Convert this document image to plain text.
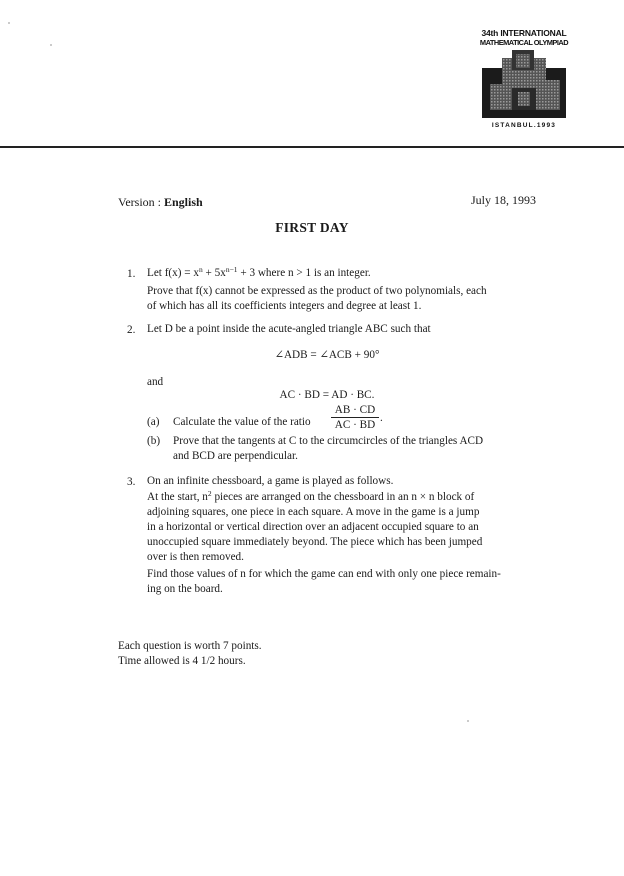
34th INTERNATIONAL
MATHEMATICAL OLYMPIAD
ISTANBUL.1993
Version : English	July 18, 1993
FIRST DAY
1. Let $f(x) = x^n + 5x^{n-1} + 3$ where n > 1 is an integer.
Prove that f(x) cannot be expressed as the product of two polynomials, each
of which has all its coefficients integers and degree at least 1.
2. Let D be a point inside the acute-angled triangle ABC such that
∠ADB = ∠ACB + 90°
and
AC · BD = AD · BC.
(a) Calculate the value of the ratio
AB · CD
AC · BD
.
(b) Prove that the tangents at C to the circumcircles of the triangles ACD
and BCD are perpendicular.
3. On an infinite chessboard, a game is played as follows.
At the start, $n^2$ pieces are arranged on the chessboard in an n × n block of
adjoining squares, one piece in each square. A move in the game is a jump
in a horizontal or vertical direction over an adjacent occupied square to an
unoccupied square immediately beyond. The piece which has been jumped
over is then removed.
Find those values of n for which the game can end with only one piece remain-
ing on the board.
Each question is worth 7 points.
Time allowed is 4 1/2 hours.
